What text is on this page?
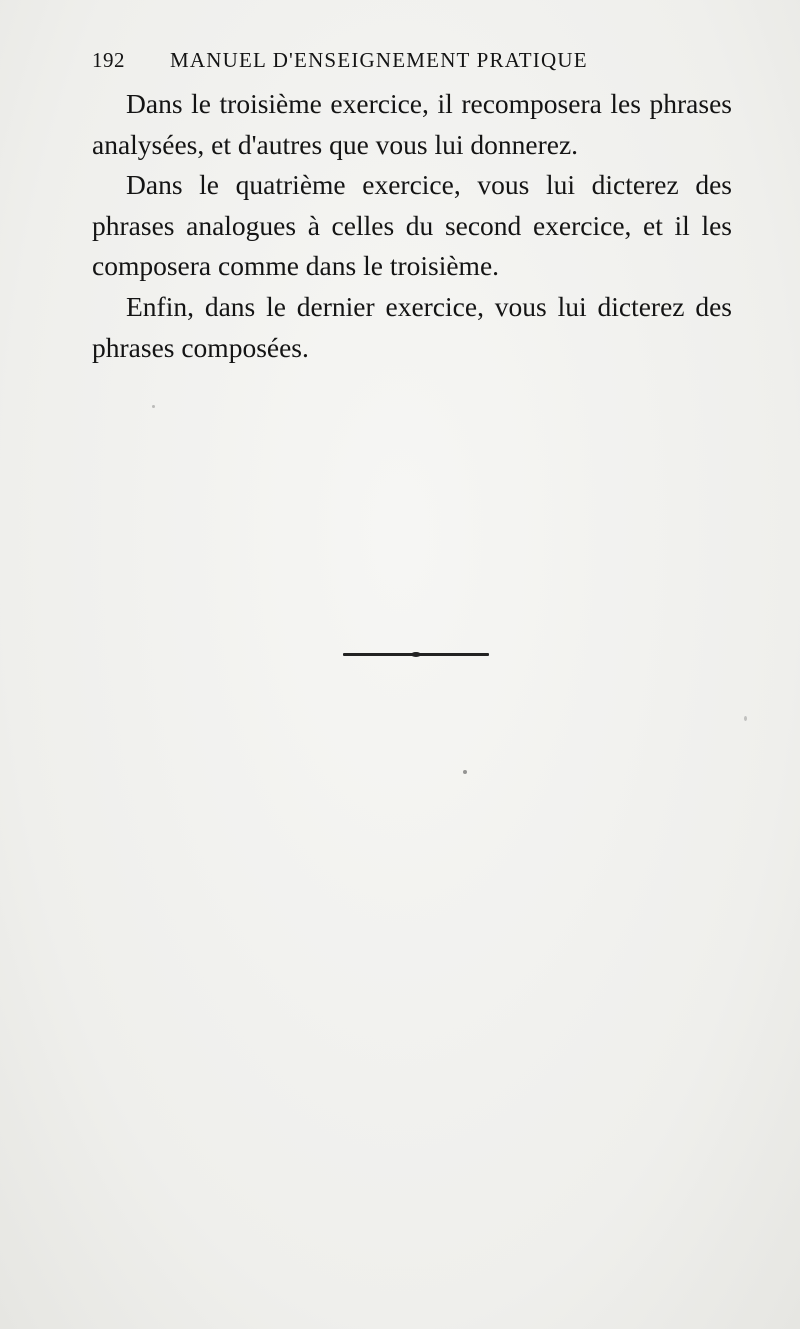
192 MANUEL D'ENSEIGNEMENT PRATIQUE

Dans le troisième exercice, il recomposera les phrases analysées, et d'autres que vous lui donnerez.

Dans le quatrième exercice, vous lui dicterez des phrases analogues à celles du second exercice, et il les composera comme dans le troisième.

Enfin, dans le dernier exercice, vous lui dicterez des phrases composées.
